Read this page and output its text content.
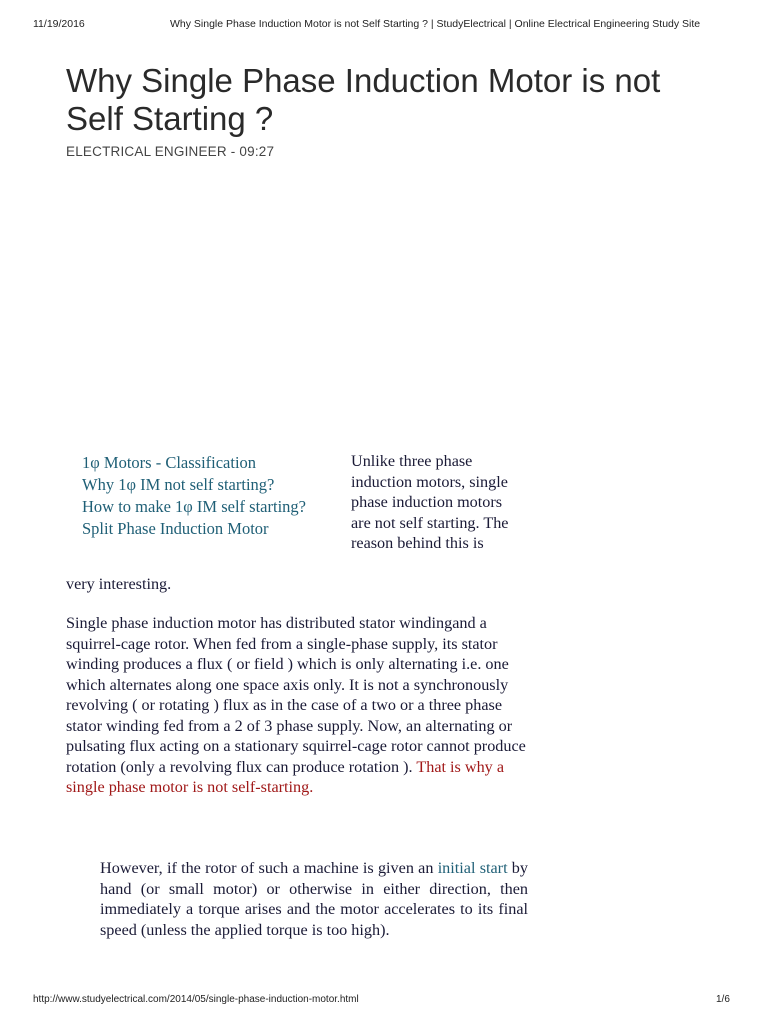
11/19/2016	Why Single Phase Induction Motor is not Self Starting ? | StudyElectrical | Online Electrical Engineering Study Site
Why Single Phase Induction Motor is not Self Starting ?
ELECTRICAL ENGINEER - 09:27
1φ Motors - Classification
Why 1φ IM not self starting?
How to make 1φ IM self starting?
Split Phase Induction Motor
Unlike three phase induction motors, single phase induction motors are not self starting. The reason behind this is
very interesting.

Single phase induction motor has distributed stator windingand a squirrel-cage rotor. When fed from a single-phase supply, its stator winding produces a flux ( or field ) which is only alternating i.e. one which alternates along one space axis only. It is not a synchronously revolving ( or rotating ) flux as in the case of a two or a three phase stator winding fed from a 2 of 3 phase supply. Now, an alternating or pulsating flux acting on a stationary squirrel-cage rotor cannot produce rotation (only a revolving flux can produce rotation ). That is why a single phase motor is not self-starting.

However, if the rotor of such a machine is given an initial start by hand (or small motor) or otherwise in either direction, then immediately a torque arises and the motor accelerates to its final speed (unless the applied torque is too high).

http://www.studyelectrical.com/2014/05/single-phase-induction-motor.html	1/6
